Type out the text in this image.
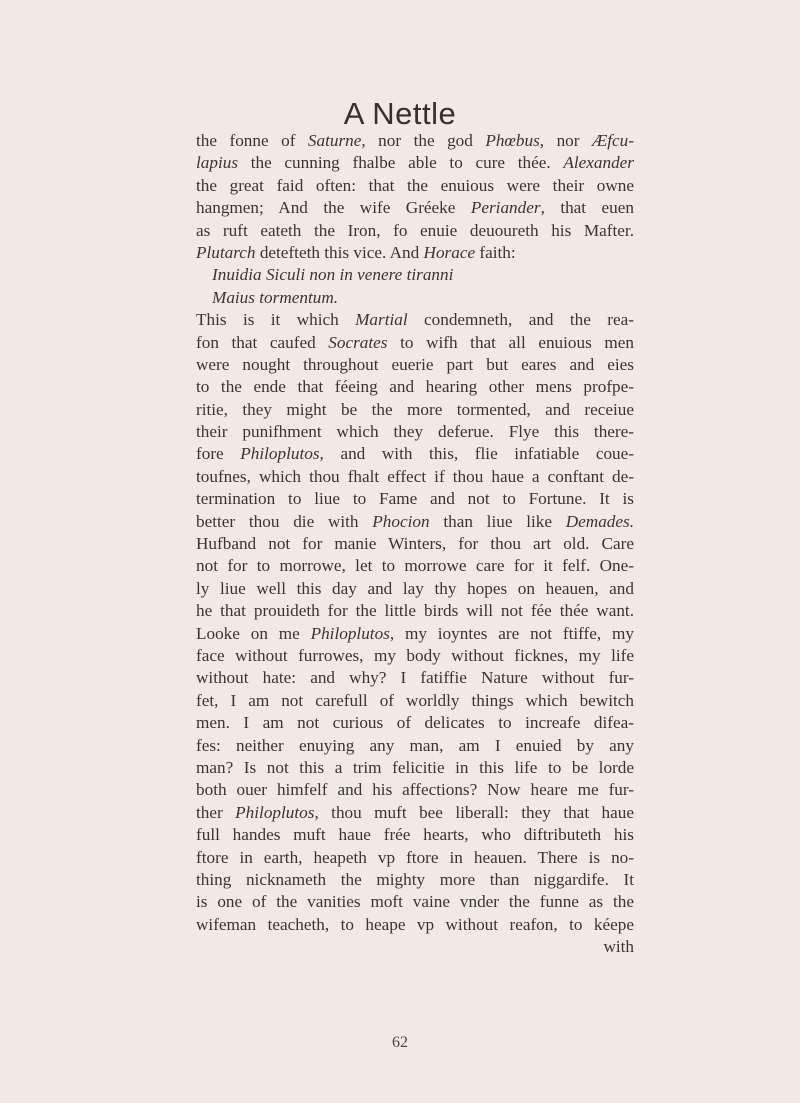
A Nettle
the fonne of Saturne, nor the god Phœbus, nor Æfcu-
lapius the cunning fhalbe able to cure thée. Alexander
the great faid often: that the enuious were their owne
hangmen; And the wife Gréeke Periander, that euen
as ruft eateth the Iron, fo enuie deuoureth his Mafter.
Plutarch detefteth this vice. And Horace faith:
Inuidia Siculi non in venere tiranni
Maius tormentum.
This is it which Martial condemneth, and the rea-
fon that caufed Socrates to wifh that all enuious men
were nought throughout euerie part but eares and eies
to the ende that féeing and hearing other mens profpe-
ritie, they might be the more tormented, and receiue
their punifhment which they deferue. Flye this there-
fore Philoplutos, and with this, flie infatiable coue-
toufnes, which thou fhalt effect if thou haue a conftant de-
termination to liue to Fame and not to Fortune. It is
better thou die with Phocion than liue like Demades.
Hufband not for manie Winters, for thou art old. Care
not for to morrowe, let to morrowe care for it felf. One-
ly liue well this day and lay thy hopes on heauen, and
he that prouideth for the little birds will not fée thée want.
Looke on me Philoplutos, my ioyntes are not ftiffe, my
face without furrowes, my body without ficknes, my life
without hate: and why? I fatiffie Nature without fur-
fet, I am not carefull of worldly things which bewitch
men. I am not curious of delicates to increafe difea-
fes: neither enuying any man, am I enuied by any
man? Is not this a trim felicitie in this life to be lorde
both ouer himfelf and his affections? Now heare me fur-
ther Philoplutos, thou muft bee liberall: they that haue
full handes muft haue frée hearts, who diftributeth his
ftore in earth, heapeth vp ftore in heauen. There is no-
thing nicknameth the mighty more than niggardife. It
is one of the vanities moft vaine vnder the funne as the
wifeman teacheth, to heape vp without reafon, to kéepe
with
62
